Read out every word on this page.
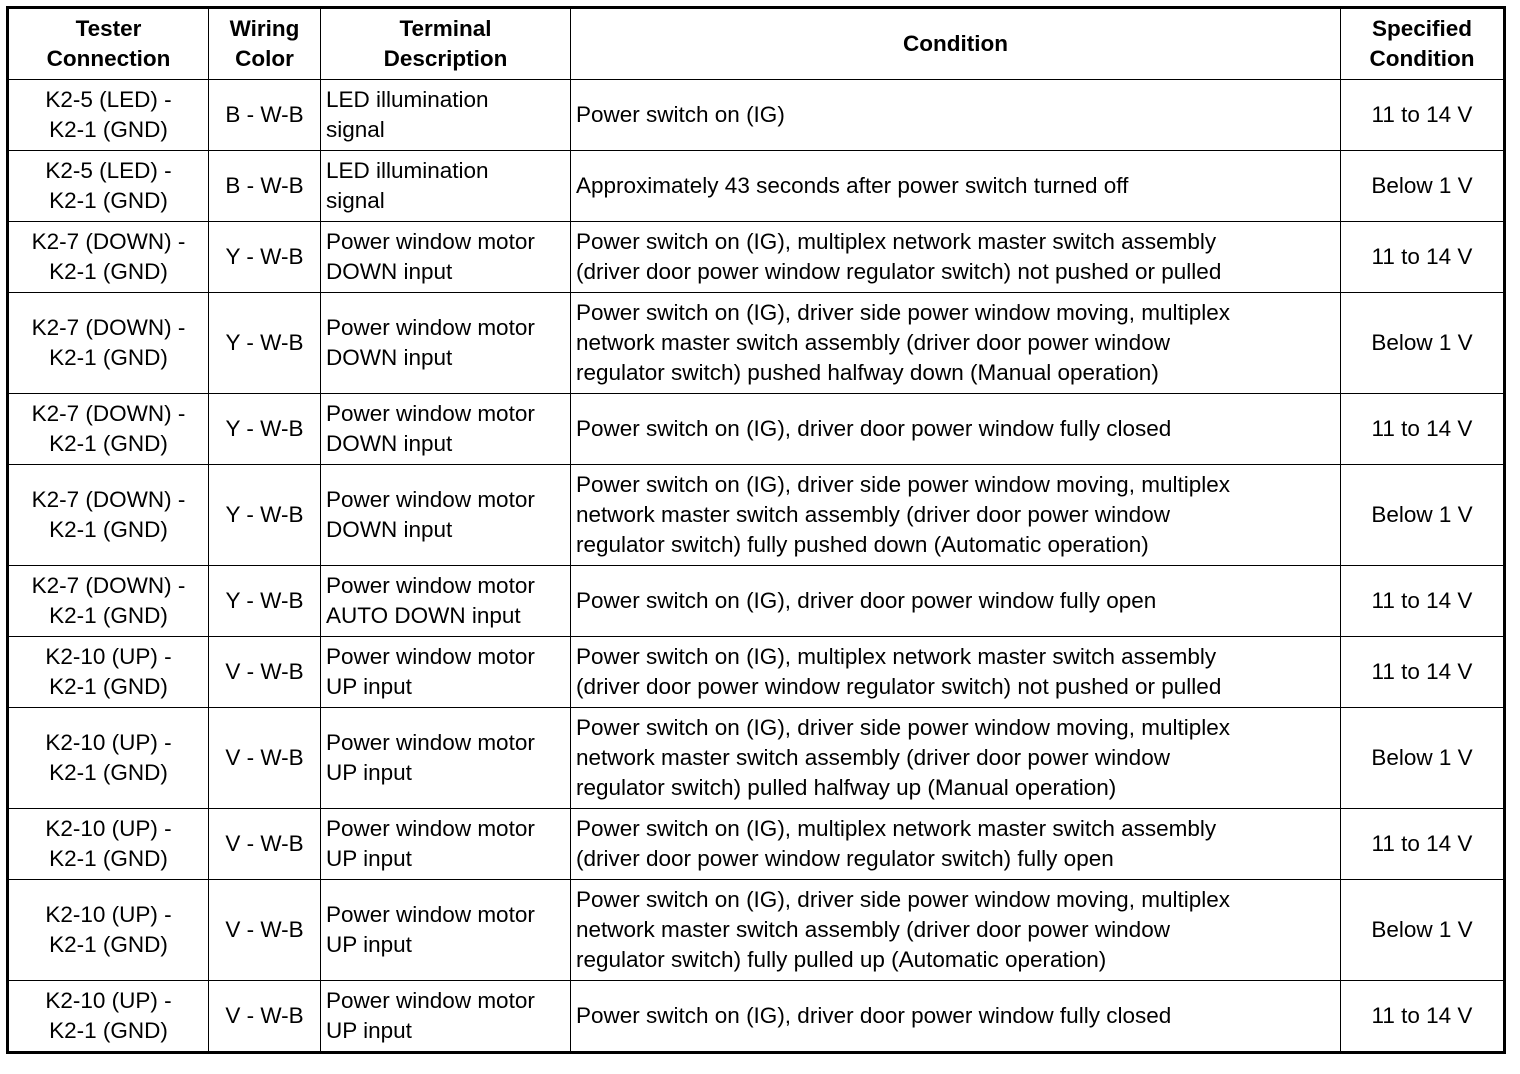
Tester
Connection	Wiring
Color	Terminal
Description	Condition	Specified
Condition

K2-5 (LED) -
K2-1 (GND)	B - W-B	LED illumination
signal	Power switch on (IG)	11 to 14 V

K2-5 (LED) -
K2-1 (GND)	B - W-B	LED illumination
signal	Approximately 43 seconds after power switch turned off	Below 1 V

K2-7 (DOWN) -
K2-1 (GND)	Y - W-B	Power window motor
DOWN input	Power switch on (IG), multiplex network master switch assembly
(driver door power window regulator switch) not pushed or pulled	11 to 14 V

K2-7 (DOWN) -
K2-1 (GND)	Y - W-B	Power window motor
DOWN input	Power switch on (IG), driver side power window moving, multiplex
network master switch assembly (driver door power window
regulator switch) pushed halfway down (Manual operation)	Below 1 V

K2-7 (DOWN) -
K2-1 (GND)	Y - W-B	Power window motor
DOWN input	Power switch on (IG), driver door power window fully closed	11 to 14 V

K2-7 (DOWN) -
K2-1 (GND)	Y - W-B	Power window motor
DOWN input	Power switch on (IG), driver side power window moving, multiplex
network master switch assembly (driver door power window
regulator switch) fully pushed down (Automatic operation)	Below 1 V

K2-7 (DOWN) -
K2-1 (GND)	Y - W-B	Power window motor
AUTO DOWN input	Power switch on (IG), driver door power window fully open	11 to 14 V

K2-10 (UP) -
K2-1 (GND)	V - W-B	Power window motor
UP input	Power switch on (IG), multiplex network master switch assembly
(driver door power window regulator switch) not pushed or pulled	11 to 14 V

K2-10 (UP) -
K2-1 (GND)	V - W-B	Power window motor
UP input	Power switch on (IG), driver side power window moving, multiplex
network master switch assembly (driver door power window
regulator switch) pulled halfway up (Manual operation)	Below 1 V

K2-10 (UP) -
K2-1 (GND)	V - W-B	Power window motor
UP input	Power switch on (IG), multiplex network master switch assembly
(driver door power window regulator switch) fully open	11 to 14 V

K2-10 (UP) -
K2-1 (GND)	V - W-B	Power window motor
UP input	Power switch on (IG), driver side power window moving, multiplex
network master switch assembly (driver door power window
regulator switch) fully pulled up (Automatic operation)	Below 1 V

K2-10 (UP) -
K2-1 (GND)	V - W-B	Power window motor
UP input	Power switch on (IG), driver door power window fully closed	11 to 14 V
